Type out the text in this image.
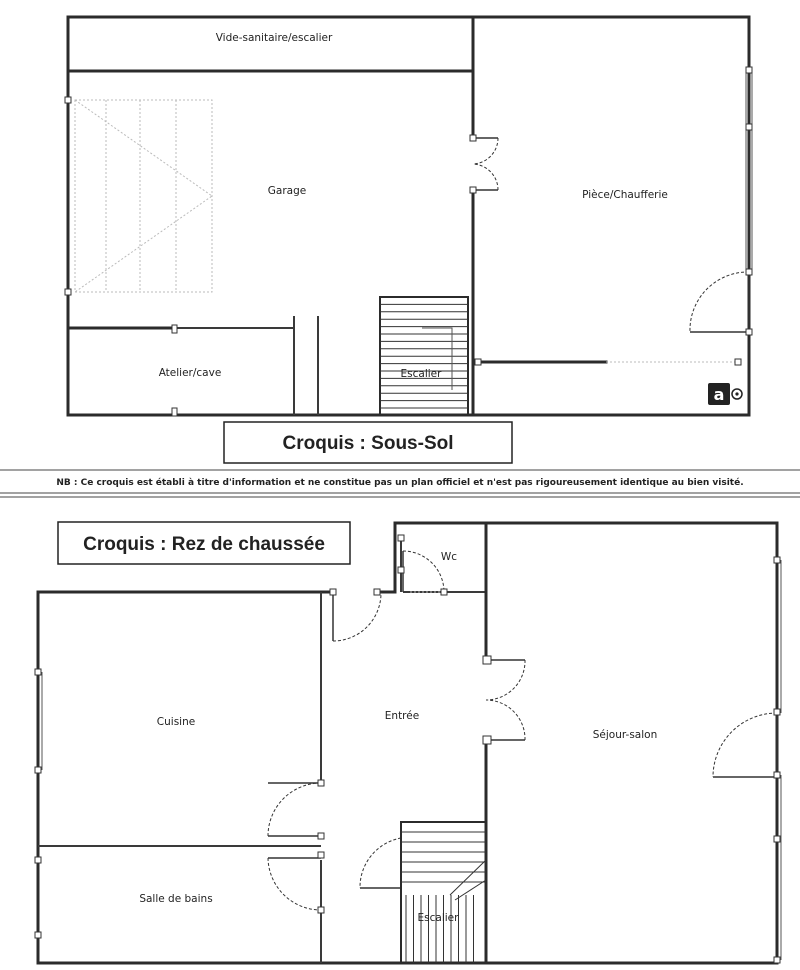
Vide-sanitaire/escalier
Garage	Pièce/Chaufferie
Atelier/cave	Escalier
a
Croquis : Sous-Sol
NB : Ce croquis est établi à titre d'information et ne constitue pas un plan officiel et n'est pas rigoureusement identique au bien visité.
Croquis : Rez de chaussée
Wc
Cuisine	Entrée
Séjour-salon
Salle de bains
Escalier
